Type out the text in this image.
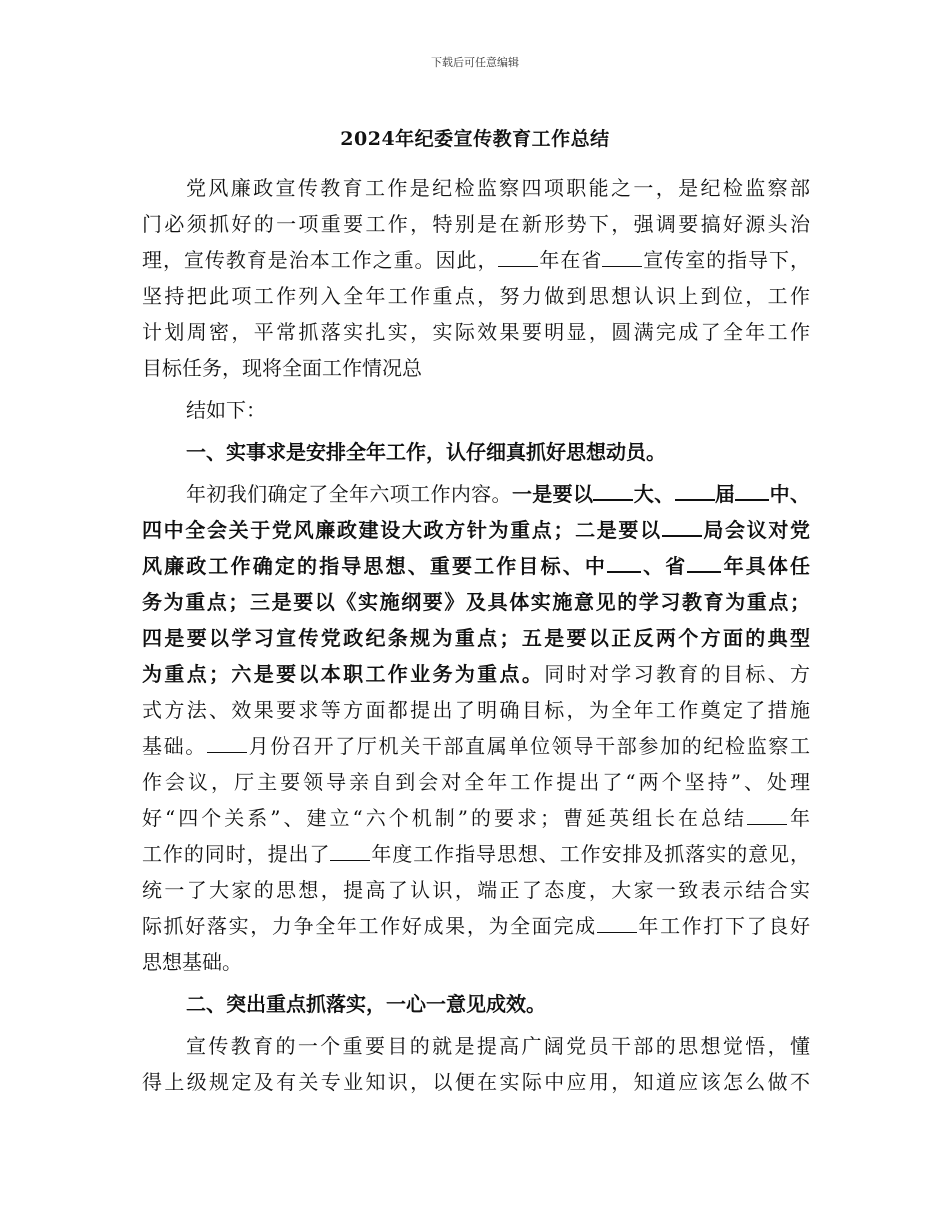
下载后可任意编辑
2024年纪委宣传教育工作总结
党风廉政宣传教育工作是纪检监察四项职能之一，是纪检监察部
门必须抓好的一项重要工作，特别是在新形势下，强调要搞好源头治
理，宣传教育是治本工作之重。因此， 年在省 宣传室的指导下，
坚持把此项工作列入全年工作重点，努力做到思想认识上到位，工作
计划周密，平常抓落实扎实，实际效果要明显，圆满完成了全年工作
目标任务，现将全面工作情况总
结如下：
一、实事求是安排全年工作，认仔细真抓好思想动员。
年初我们确定了全年六项工作内容。一是要以 大、 届 中、
四中全会关于党风廉政建设大政方针为重点；二是要以 局会议对党
风廉政工作确定的指导思想、重要工作目标、中 、省 年具体任
务为重点；三是要以《实施纲要》及具体实施意见的学习教育为重点；
四是要以学习宣传党政纪条规为重点；五是要以正反两个方面的典型
为重点；六是要以本职工作业务为重点。同时对学习教育的目标、方
式方法、效果要求等方面都提出了明确目标，为全年工作奠定了措施
基础。 月份召开了厅机关干部直属单位领导干部参加的纪检监察工
作会议，厅主要领导亲自到会对全年工作提出了“两个坚持”、处理
好“四个关系”、建立“六个机制”的要求；曹延英组长在总结 年
工作的同时，提出了 年度工作指导思想、工作安排及抓落实的意见，
统一了大家的思想，提高了认识，端正了态度，大家一致表示结合实
际抓好落实，力争全年工作好成果，为全面完成 年工作打下了良好
思想基础。
二、突出重点抓落实，一心一意见成效。
宣传教育的一个重要目的就是提高广阔党员干部的思想觉悟，懂
得上级规定及有关专业知识，以便在实际中应用，知道应该怎么做不
